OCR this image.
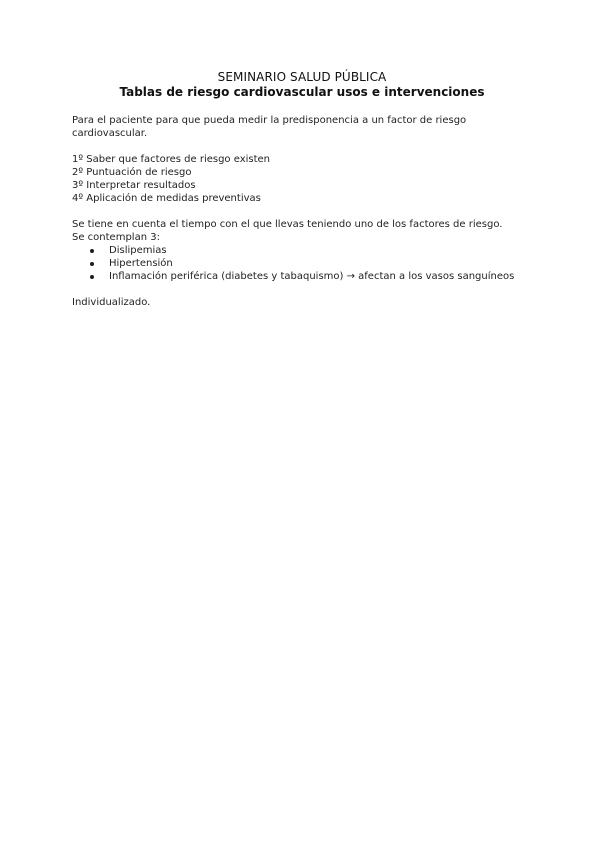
SEMINARIO SALUD PÚBLICA
Tablas de riesgo cardiovascular usos e intervenciones

Para el paciente para que pueda medir la predisponencia a un factor de riesgo cardiovascular.

1º Saber que factores de riesgo existen
2º Puntuación de riesgo
3º Interpretar resultados
4º Aplicación de medidas preventivas

Se tiene en cuenta el tiempo con el que llevas teniendo uno de los factores de riesgo.

Se contemplan 3:

Dislipemias
Hipertensión
Inflamación periférica (diabetes y tabaquismo) → afectan a los vasos sanguíneos

Individualizado.
